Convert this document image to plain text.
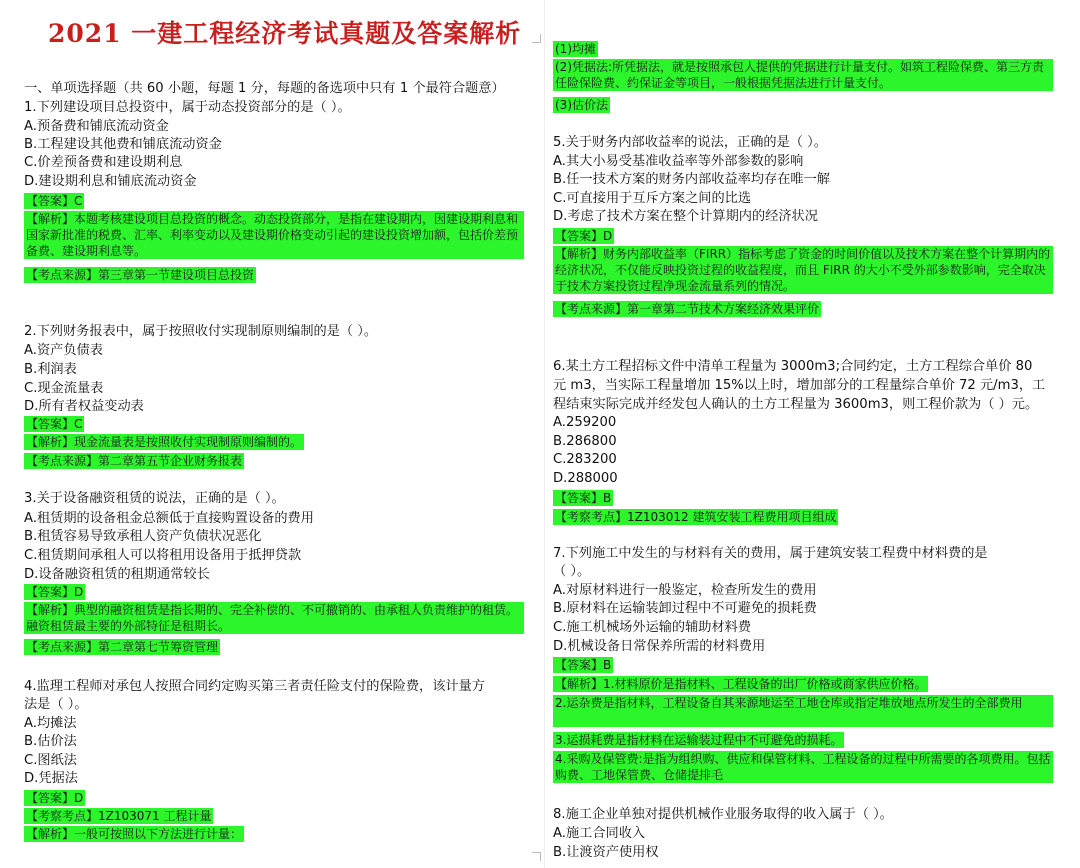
2021 一建工程经济考试真题及答案解析
一、单项选择题（共 60 小题，每题 1 分，每题的备选项中只有 1 个最符合题意）
1.下列建设项目总投资中，属于动态投资部分的是（ ）。
A.预备费和铺底流动资金
B.工程建设其他费和铺底流动资金
C.价差预备费和建设期利息
D.建设期利息和铺底流动资金
【答案】C
【解析】本题考核建设项目总投资的概念。动态投资部分，是指在建设期内，因建设期利息和国家新批准的税费、汇率、利率变动以及建设期价格变动引起的建设投资增加额，包括价差预备费、建设期利息等。
【考点来源】第三章第一节建设项目总投资
2.下列财务报表中，属于按照收付实现制原则编制的是（ ）。
A.资产负债表
B.利润表
C.现金流量表
D.所有者权益变动表
【答案】C
【解析】现金流量表是按照收付实现制原则编制的。
【考点来源】第二章第五节企业财务报表
3.关于设备融资租赁的说法，正确的是（ ）。
A.租赁期的设备租金总额低于直接购置设备的费用
B.租赁容易导致承租人资产负债状况恶化
C.租赁期间承租人可以将租用设备用于抵押贷款
D.设备融资租赁的租期通常较长
【答案】D
【解析】典型的融资租赁是指长期的、完全补偿的、不可撤销的、由承租人负责维护的租赁。融资租赁最主要的外部特征是租期长。
【考点来源】第二章第七节筹资管理
4.监理工程师对承包人按照合同约定购买第三者责任险支付的保险费，该计量方
法是（ ）。
A.均摊法
B.估价法
C.图纸法
D.凭据法
【答案】D
【考察考点】1Z103071 工程计量
【解析】一般可按照以下方法进行计量：
(1)均摊
(2)凭据法:所凭据法，就是按照承包人提供的凭据进行计量支付。如筑工程险保费、第三方责任险保险费、约保证金等项目，一般根据凭据法进行计量支付。
(3)估价法
5.关于财务内部收益率的说法，正确的是（ ）。
A.其大小易受基准收益率等外部参数的影响
B.任一技术方案的财务内部收益率均存在唯一解
C.可直接用于互斥方案之间的比选
D.考虑了技术方案在整个计算期内的经济状况
【答案】D
【解析】财务内部收益率（FIRR）指标考虑了资金的时间价值以及技术方案在整个计算期内的经济状况，不仅能反映投资过程的收益程度，而且 FIRR 的大小不受外部参数影响，完全取决于技术方案投资过程净现金流量系列的情况。
【考点来源】第一章第二节技术方案经济效果评价
6.某土方工程招标文件中清单工程量为 3000m3;合同约定，土方工程综合单价 80
元 m3，当实际工程量增加 15%以上时，增加部分的工程量综合单价 72 元/m3，工
程结束实际完成并经发包人确认的土方工程量为 3600m3，则工程价款为（ ）元。
A.259200
B.286800
C.283200
D.288000
【答案】B
【考察考点】1Z103012 建筑安装工程费用项目组成
7.下列施工中发生的与材料有关的费用，属于建筑安装工程费中材料费的是
（ ）。
A.对原材料进行一般鉴定，检查所发生的费用
B.原材料在运输装卸过程中不可避免的损耗费
C.施工机械场外运输的辅助材料费
D.机械设备日常保养所需的材料费用
【答案】B
【解析】1.材料原价是指材料、工程设备的出厂价格或商家供应价格。
2.运杂费是指材料，工程设备自其来源地运至工地仓库或指定堆放地点所发生的全部费用
3.运损耗费是指材料在运输装过程中不可避免的损耗。
4.采购及保管费:是指为组织购、供应和保管材料、工程设备的过程中所需要的各项费用。包括购费、工地保管费、仓储提排毛
8.施工企业单独对提供机械作业服务取得的收入属于（ ）。
A.施工合同收入
B.让渡资产使用权
